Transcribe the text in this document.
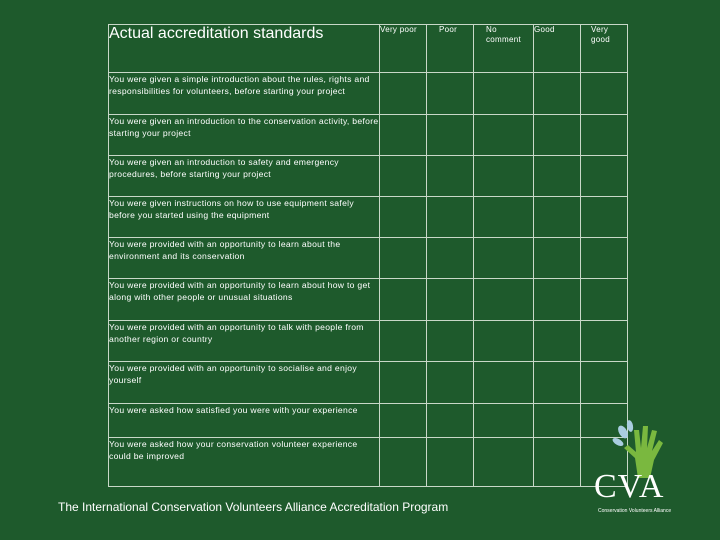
Actual accreditation standards	Very poor	Poor	No comment	Good	Very good
You were given a simple introduction about the rules, rights and responsibilities for volunteers, before starting your project					
You were given an introduction to the conservation activity, before starting your project					
You were given an introduction to safety and emergency procedures, before starting your project					
You were given instructions on how to use equipment safely before you started using the equipment					
You were provided with an opportunity to learn about the environment and its conservation					
You were provided with an opportunity to learn about how to get along with other people or unusual situations					
You were provided with an opportunity to talk with people from another region or country					
You were provided with an opportunity to socialise and enjoy yourself					
You were asked how satisfied you were with your experience					
You were asked how your conservation volunteer experience could be improved					
The International Conservation Volunteers Alliance Accreditation Program
CVA
Conservation Volunteers Alliance
